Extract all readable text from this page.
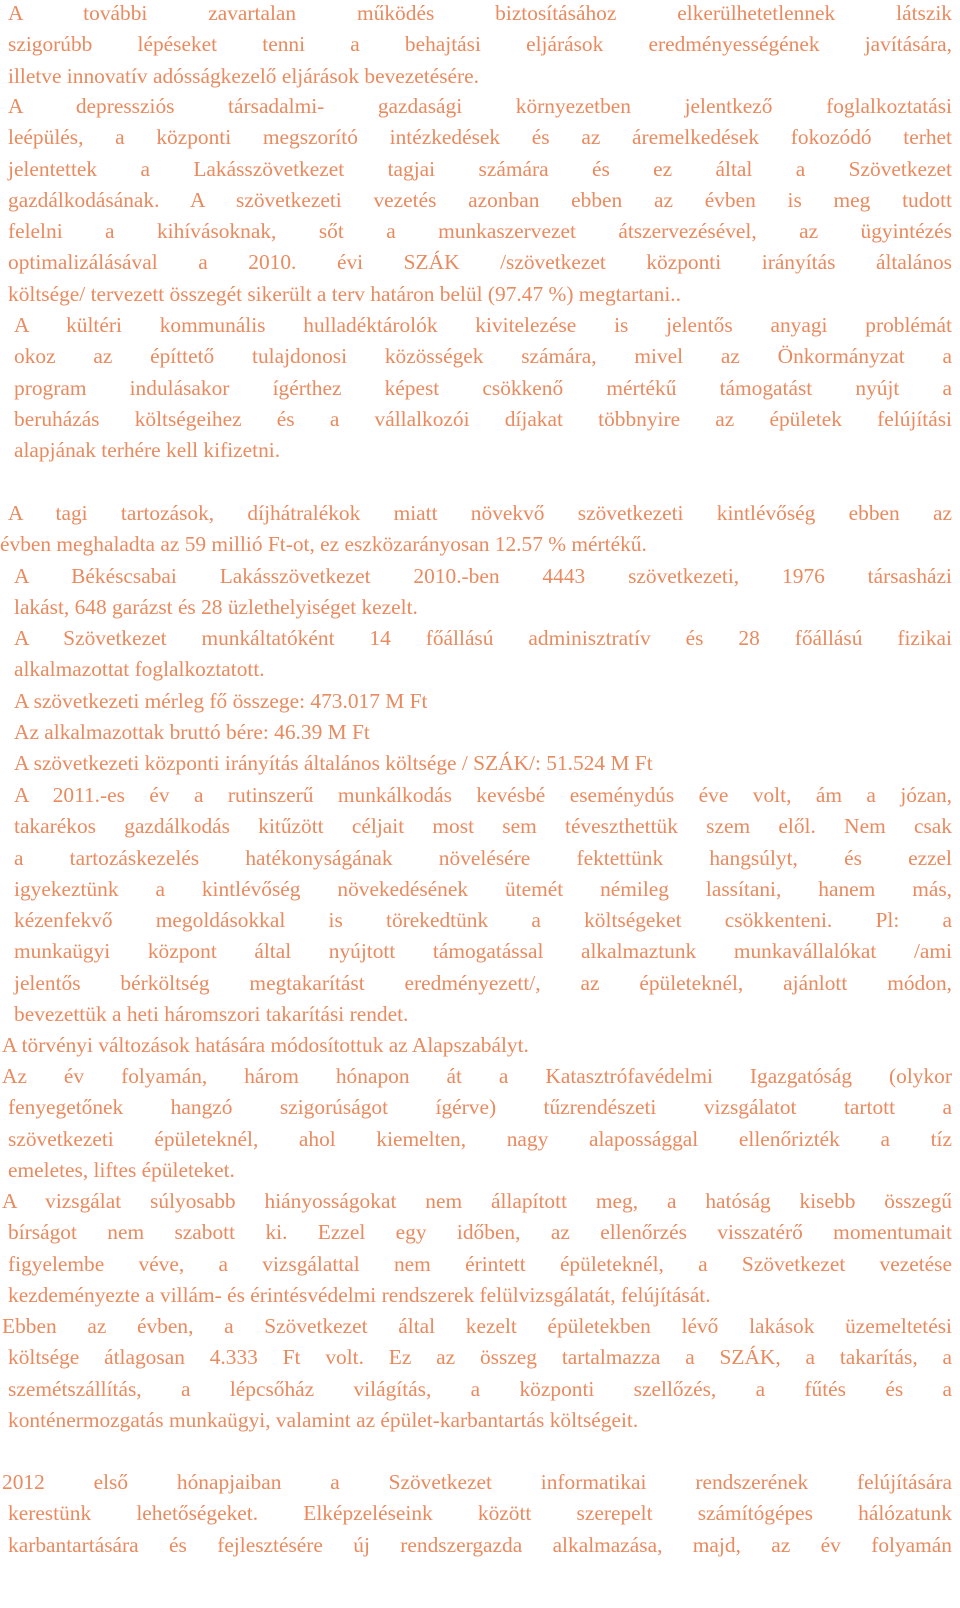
A további zavartalan működés biztosításához elkerülhetetlennek látszik
szigorúbb lépéseket tenni a behajtási eljárások eredményességének javítására,
illetve innovatív adósságkezelő eljárások bevezetésére.
A depressziós társadalmi- gazdasági környezetben jelentkező foglalkoztatási
leépülés, a központi megszorító intézkedések és az áremelkedések fokozódó terhet
jelentettek a Lakásszövetkezet tagjai számára és ez által a Szövetkezet
gazdálkodásának. A szövetkezeti vezetés azonban ebben az évben is meg tudott
felelni a kihívásoknak, sőt a munkaszervezet átszervezésével, az ügyintézés
optimalizálásával a 2010. évi SZÁK /szövetkezet központi irányítás általános
költsége/ tervezett összegét sikerült a terv határon belül (97.47 %) megtartani..
A kültéri kommunális hulladéktárolók kivitelezése is jelentős anyagi problémát
okoz az építtető tulajdonosi közösségek számára, mivel az Önkormányzat a
program indulásakor ígérthez képest csökkenő mértékű támogatást nyújt a
beruházás költségeihez és a vállalkozói díjakat többnyire az épületek felújítási
alapjának terhére kell kifizetni.
A tagi tartozások, díjhátralékok miatt növekvő szövetkezeti kintlévőség ebben az
évben meghaladta az 59 millió Ft-ot, ez eszközarányosan 12.57 % mértékű.
A Békéscsabai Lakásszövetkezet 2010.-ben 4443 szövetkezeti, 1976 társasházi
lakást, 648 garázst és 28 üzlethelyiséget kezelt.
A Szövetkezet munkáltatóként 14 főállású adminisztratív és 28 főállású fizikai
alkalmazottat foglalkoztatott.
A szövetkezeti mérleg fő összege: 473.017 M Ft
Az alkalmazottak bruttó bére: 46.39 M Ft
A szövetkezeti központi irányítás általános költsége / SZÁK/: 51.524 M Ft
A 2011.-es év a rutinszerű munkálkodás kevésbé eseménydús éve volt, ám a józan,
takarékos gazdálkodás kitűzött céljait most sem téveszthettük szem elől. Nem csak
a tartozáskezelés hatékonyságának növelésére fektettünk hangsúlyt, és ezzel
igyekeztünk a kintlévőség növekedésének ütemét némileg lassítani, hanem más,
kézenfekvő megoldásokkal is törekedtünk a költségeket csökkenteni. Pl: a
munkaügyi központ által nyújtott támogatással alkalmaztunk munkavállalókat /ami
jelentős bérköltség megtakarítást eredményezett/, az épületeknél, ajánlott módon,
bevezettük a heti háromszori takarítási rendet.
A törvényi változások hatására módosítottuk az Alapszabályt.
Az év folyamán, három hónapon át a Katasztrófavédelmi Igazgatóság (olykor
fenyegetőnek hangzó szigorúságot ígérve) tűzrendészeti vizsgálatot tartott a
szövetkezeti épületeknél, ahol kiemelten, nagy alapossággal ellenőrizték a tíz
emeletes, liftes épületeket.
A vizsgálat súlyosabb hiányosságokat nem állapított meg, a hatóság kisebb összegű
bírságot nem szabott ki. Ezzel egy időben, az ellenőrzés visszatérő momentumait
figyelembe véve, a vizsgálattal nem érintett épületeknél, a Szövetkezet vezetése
kezdeményezte a villám- és érintésvédelmi rendszerek felülvizsgálatát, felújítását.
Ebben az évben, a Szövetkezet által kezelt épületekben lévő lakások üzemeltetési
költsége átlagosan 4.333 Ft volt. Ez az összeg tartalmazza a SZÁK, a takarítás, a
szemétszállítás, a lépcsőház világítás, a központi szellőzés, a fűtés és a
konténermozgatás munkaügyi, valamint az épület-karbantartás költségeit.
2012 első hónapjaiban a Szövetkezet informatikai rendszerének felújítására
kerestünk lehetőségeket. Elképzeléseink között szerepelt számítógépes hálózatunk
karbantartására és fejlesztésére új rendszergazda alkalmazása, majd, az év folyamán
